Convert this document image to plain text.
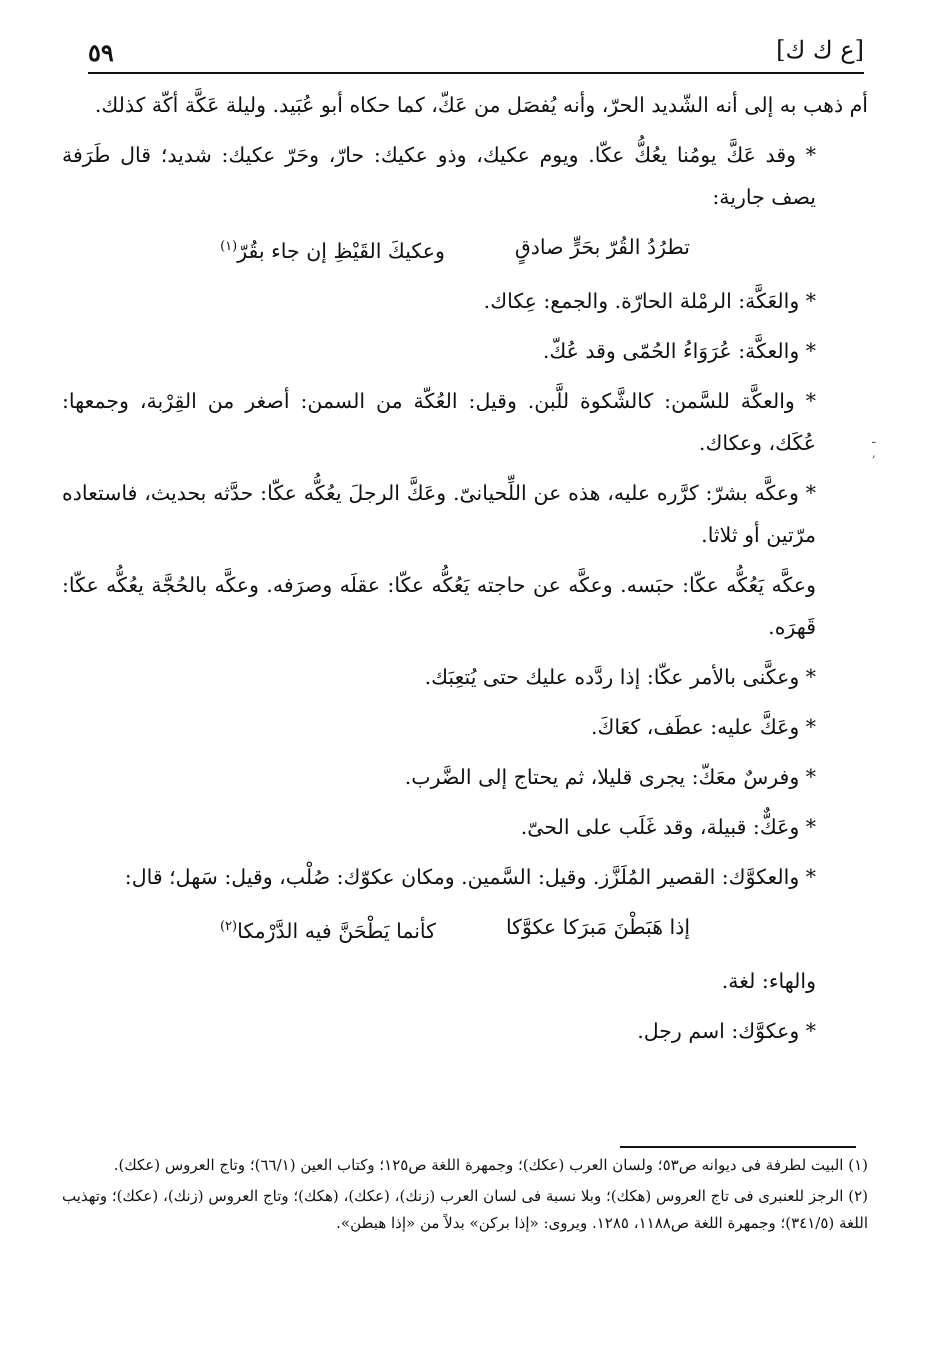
٥٩	[ع ك ك]

أم ذهب به إلى أنه الشّديد الحرّ، وأنه يُفصَل من عَكّ، كما حكاه أبو عُبَيد. وليلة عَكَّة أكّة كذلك.

* وقد عَكَّ يومُنا يعُكُّ عكّا. ويوم عكيك، وذو عكيك: حارّ، وحَرّ عكيك: شديد؛ قال طَرَفة يصف جارية:

تطرُدُ القُرّ بحَرٍّ صادقٍ
وعكيكَ القَيْظِ إن جاء بقُرّ$^{(١)}$

* والعَكَّة: الرمْلة الحارّة. والجمع: عِكاك.

* والعكَّة: عُرَوَاءُ الحُمّى وقد عُكّ.

* والعكَّة للسَّمن: كالشَّكوة للَّبن. وقيل: العُكّة من السمن: أصغر من القِرْبة، وجمعها: عُكَك، وعكاك.

* وعكَّه بشرّ: كرَّره عليه، هذه عن اللِّحيانىّ. وعَكَّ الرجلَ يعُكُّه عكّا: حدَّثه بحديث، فاستعاده مرّتين أو ثلاثا.

وعكَّه يَعُكُّه عكّا: حبَسه. وعكَّه عن حاجته يَعُكُّه عكّا: عقلَه وصرَفه. وعكَّه بالحُجَّة يعُكُّه عكّا: قَهرَه.

* وعكَّنى بالأمر عكّا: إذا ردَّده عليك حتى يُتعِبَك.

* وعَكَّ عليه: عطَف، كعَاكَ.

* وفرسٌ معَكّ: يجرى قليلا، ثم يحتاج إلى الضَّرب.

* وعَكٌّ: قبيلة، وقد غَلَب على الحىّ.

* والعكوَّك: القصير المُلَزَّز. وقيل: السَّمين. ومكان عكوّك: صُلْب، وقيل: سَهل؛ قال:

إذا هَبَطْنَ مَبرَكا عكوَّكا
كأنما يَطْحَنَّ فيه الدَّرْمكا$^{(٢)}$

والهاء: لغة.

* وعكوَّك: اسم رجل.

(١) البيت لطرفة فى ديوانه ص٥٣؛ ولسان العرب (عكك)؛ وجمهرة اللغة ص١٢٥؛ وكتاب العين (٦٦/١)؛ وتاج العروس (عكك).

(٢) الرجز للعنبرى فى تاج العروس (هكك)؛ وبلا نسبة فى لسان العرب (زنك)، (عكك)، (هكك)؛ وتاج العروس (زنك)، (عكك)؛ وتهذيب اللغة (٣٤١/٥)؛ وجمهرة اللغة ص١١٨٨، ١٢٨٥. ويروى: «إذا بركن» بدلاً من «إذا هبطن».

ـ
,
